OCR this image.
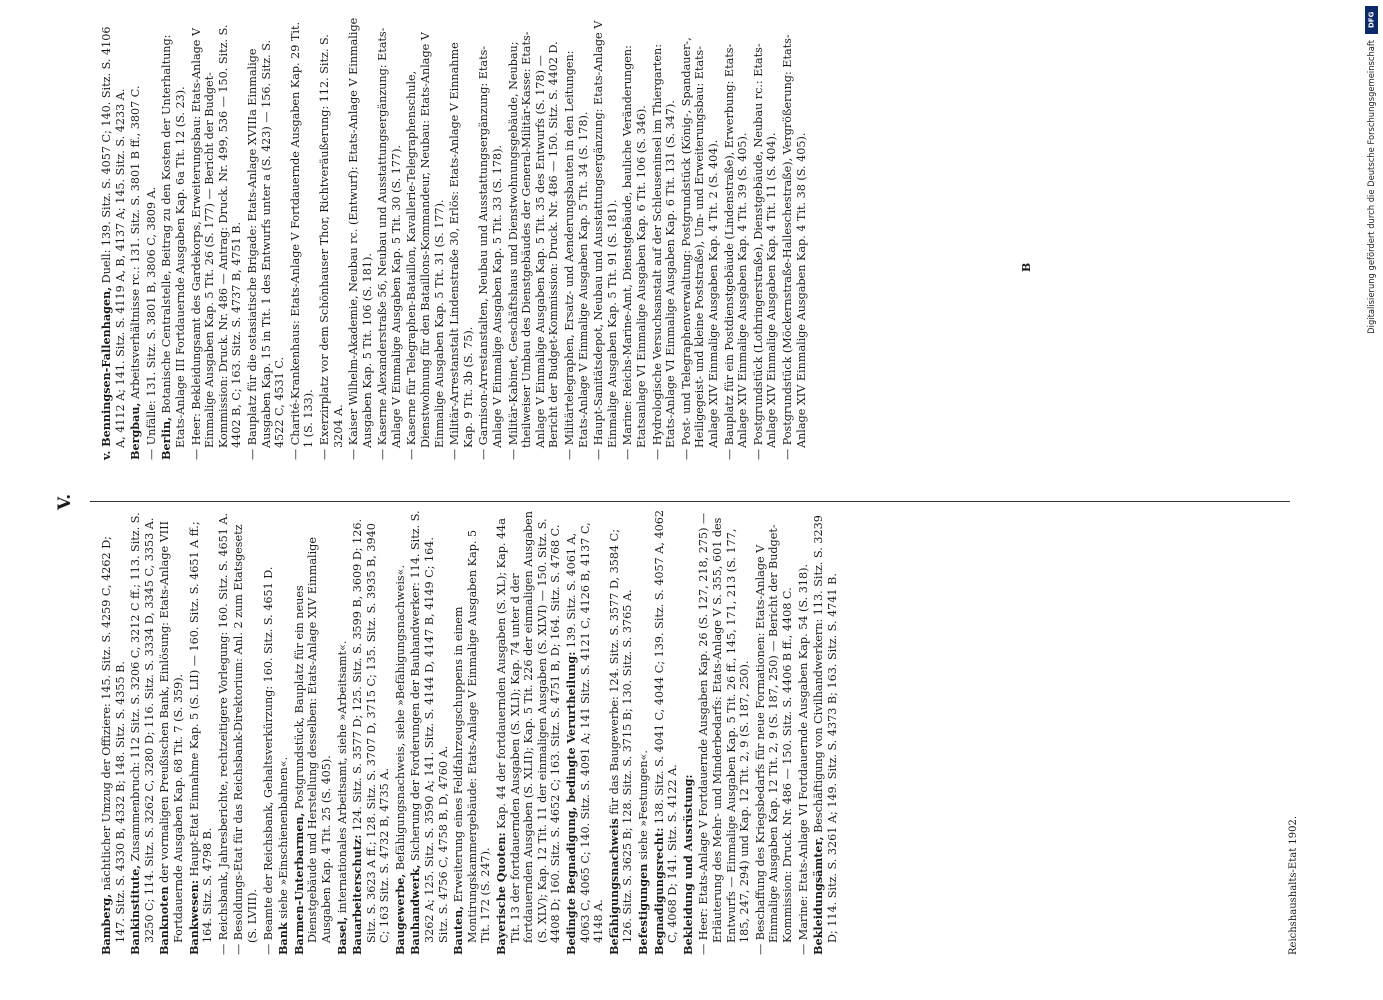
V.
Bamberg, nächtlicher Umzug der Offiziere: 145. Sitz. S. 4259 C, 4262 D; 147. Sitz. S. 4330 B, 4332 B; 148. Sitz. S. 4355 B. Bankinstitute, Zusammenbruch: 112 Sitz. S. 3206 C, 3212 C ff.; 113. Sitz. S. 3250 C; 114. Sitz. S. 3262 C, 3280 D; 116. Sitz. S. 3334 D, 3345 C, 3353 A. Banknoten der vormaligen Preußischen Bank, Einlösung: Etats-Anlage VIII Fortdauernde Ausgaben Kap. 68 Tit. 7 (S. 359). Bankwesen: Haupt-Etat Einnahme Kap. 5 (S. LII) — 160. Sitz. S. 4651 A ff.; 164. Sitz. S. 4798 B. — Reichsbank, Jahresberichte, rechtzeitigere Vorlegung: 160. Sitz. S. 4651 A. — Besoldungs-Etat für das Reichsbank-Direktorium: Anl. 2 zum Etatsgesetz (S. LVIII). — Beamte der Reichsbank, Gehaltsverkürzung: 160. Sitz. S. 4651 D. Bank siehe »Einschienenbahnen«. Barmen-Unterbarmen, Postgrundstück, Bauplatz für ein neues Dienstgebäude und Herstellung desselben: Etats-Anlage XIV Einmalige Ausgaben Kap. 4 Tit. 25 (S. 405). Basel, internationales Arbeitsamt, siehe »Arbeitsamt«. Bauarbeiterschutz: 124. Sitz. S. 3577 D; 125. Sitz. S. 3599 B, 3609 D; 126. Sitz. S. 3623 A ff.; 128. Sitz. S. 3707 D, 3715 C; 135. Sitz. S. 3935 B, 3940 C; 163 Sitz. S. 4732 B, 4735 A. Baugewerbe, Befähigungsnachweis, siehe »Befähigungsnachweis«.
Bauhandwerk, Sicherung der Forderungen der Bauhandwerker: 114. Sitz. S. 3262 A; 125. Sitz. S. 3590 A; 141. Sitz. S. 4144 D, 4147 B, 4149 C; 164. Sitz. S. 4756 C, 4758 B, D, 4760 A. Bauten, Erweiterung eines Feldfahrzeugschuppens in einem Montirungskammergebäude: Etats-Anlage V Einmalige Ausgaben Kap. 5 Tit. 172 (S. 247). Bayerische Quoten: Kap. 44 der fortdauernden Ausgaben (S. XL); Kap. 44a Tit. 13 der fortdauernden Ausgaben (S. XLI); Kap. 74 unter d der fortdauernden Ausgaben (S. XLII); Kap. 5 Tit. 226 der einmaligen Ausgaben (S. XLV); Kap. 12 Tit. 11 der einmaligen Ausgaben (S. XLVI) — 150. Sitz. S. 4408 D; 160. Sitz. S. 4652 C; 163. Sitz. S. 4751 B, D; 164. Sitz. S. 4768 C. Bedingte Begnadigung, bedingte Verurtheilung: 139. Sitz. S. 4061 A, 4063 C, 4065 C; 140. Sitz. S. 4091 A; 141 Sitz. S. 4121 C, 4126 B, 4137 C, 4148 A. Befähigungsnachweis für das Baugewerbe: 124. Sitz. S. 3577 D, 3584 C; 126. Sitz. S. 3625 B; 128. Sitz. S. 3715 B; 130. Sitz. S. 3765 A. Befestigungen siehe »Festungen«.
Begnadigungsrecht: 138. Sitz. S. 4041 C, 4044 C; 139. Sitz. S. 4057 A, 4062 C, 4068 D; 141. Sitz. S. 4122 A. Bekleidung und Ausrüstung: — Heer: Etats-Anlage V Fortdauernde Ausgaben Kap. 26 (S. 127, 218, 275) — Erläuterung des Mehr- und Minderbedarfs: Etats-Anlage V S. 355, 601 des Entwurfs — Einmalige Ausgaben Kap. 5 Tit. 26 ff., 145, 171, 213 (S. 177, 185, 247, 294) und Kap. 12 Tit. 2, 9 (S. 187, 250). — Beschaffung des Kriegsbedarfs für neue Formationen: Etats-Anlage V Einmalige Ausgaben Kap. 12 Tit. 2, 9 (S. 187, 250) — Bericht der Budget-Kommission: Druck. Nr. 486 — 150. Sitz. S. 4406 B ff., 4408 C. — Marine: Etats-Anlage VI Fortdauernde Ausgaben Kap. 54 (S. 318). Bekleidungsämter, Beschäftigung von Civilhandwerkern: 113. Sitz. S. 3239 D; 114. Sitz. S. 3261 A; 149. Sitz. S. 4373 B; 163. Sitz. S. 4741 B.
v. Benningsen-Fallenhagen, Duell: 139. Sitz. S. 4057 C; 140. Sitz. S. 4106 A, 4112 A; 141. Sitz. S. 4119 A, B, 4137 A; 145. Sitz. S. 4233 A. Bergbau, Arbeitsverhältnisse rc.: 131. Sitz. S. 3801 B ff., 3807 C. — Unfälle: 131. Sitz. S. 3801 B, 3806 C, 3809 A. Berlin, Botanische Centralstelle, Beitrag zu den Kosten der Unterhaltung: Etats-Anlage III Fortdauernde Ausgaben Kap. 6a Tit. 12 (S. 23). — Heer: Bekleidungsamt des Gardekorps, Erweiterungsbau: Etats-Anlage V Einmalige Ausgaben Kap. 5 Tit. 26 (S. 177) — Bericht der Budget-Kommission: Druck. Nr. 486 — Antrag: Druck. Nr. 499, 536 — 150. Sitz. S. 4402 B, C; 163. Sitz. S. 4737 B, 4751 B. — Bauplatz für die ostasiatische Brigade: Etats-Anlage XVIIIa Einmalige Ausgaben Kap. 15 in Tit. 1 des Entwurfs unter a (S. 423) — 156. Sitz. S. 4522 C, 4531 C. — Charité-Krankenhaus: Etats-Anlage V Fortdauernde Ausgaben Kap. 29 Tit. 1 (S. 133). — Exerzirplatz vor dem Schönhauser Thor, Richtveräußerung: 112. Sitz. S. 3204 A. — Kaiser Wilhelm-Akademie, Neubau rc. (Entwurf): Etats-Anlage V Einmalige Ausgaben Kap. 5 Tit. 106 (S. 181). — Kaserne Alexanderstraße 56, Neubau und Ausstattungsergänzung: Etats-Anlage V Einmalige Ausgaben Kap. 5 Tit. 30 (S. 177). — Kaserne für Telegraphen-Bataillon, Kavallerie-Telegraphenschule, Dienstwohnung für den Bataillons-Kommandeur, Neubau: Etats-Anlage V Einmalige Ausgaben Kap. 5 Tit. 31 (S. 177). — Militär-Arrestanstalt Lindenstraße 30, Erlös: Etats-Anlage V Einnahme Kap. 9 Tit. 3b (S. 75). — Garnison-Arrestanstalten, Neubau und Ausstattungsergänzung: Etats-Anlage V Einmalige Ausgaben Kap. 5 Tit. 33 (S. 178). — Militär-Kabinet, Geschäftshaus und Dienstwohnungsgebäude, Neubau; theilweiser Umbau des Dienstgebäudes der General-Militär-Kasse: Etats-Anlage V Einmalige Ausgaben Kap. 5 Tit. 35 des Entwurfs (S. 178) — Bericht der Budget-Kommission: Druck. Nr. 486 — 150. Sitz. S. 4402 D. — Militärtelegraphen, Ersatz- und Aenderungsbauten in den Leitungen: Etats-Anlage V Einmalige Ausgaben Kap. 5 Tit. 34 (S. 178). — Haupt-Sanitätsdepot, Neubau und Ausstattungsergänzung: Etats-Anlage V Einmalige Ausgaben Kap. 5 Tit. 91 (S. 181). — Marine: Reichs-Marine-Amt, Dienstgebäude, bauliche Veränderungen: Etatsanlage VI Einmalige Ausgaben Kap. 6 Tit. 106 (S. 346). — Hydrologische Versuchsanstalt auf der Schleuseninsel im Thiergarten: Etats-Anlage VI Einmalige Ausgaben Kap. 6 Tit. 131 (S. 347). — Post- und Telegraphenverwaltung: Postgrundstück (König-, Spandauer-, Heiligegeist- und kleine Poststraße), Um- und Erweiterungsbau: Etats-Anlage XIV Einmalige Ausgaben Kap. 4 Tit. 2 (S. 404). — Bauplatz für ein Postdienstgebäude (Lindenstraße), Erwerbung: Etats-Anlage XIV Einmalige Ausgaben Kap. 4 Tit. 39 (S. 405). — Postgrundstück (Lothringerstraße), Dienstgebäude, Neubau rc.: Etats-Anlage XIV Einmalige Ausgaben Kap. 4 Tit. 11 (S. 404). — Postgrundstück (Möckernstraße-Halleschestraße), Vergrößerung: Etats-Anlage XIV Einmalige Ausgaben Kap. 4 Tit. 38 (S. 405).	B
Reichshaushalts-Etat 1902.
DFG
Digitalisierung gefördert durch die Deutsche Forschungsgemeinschaft
